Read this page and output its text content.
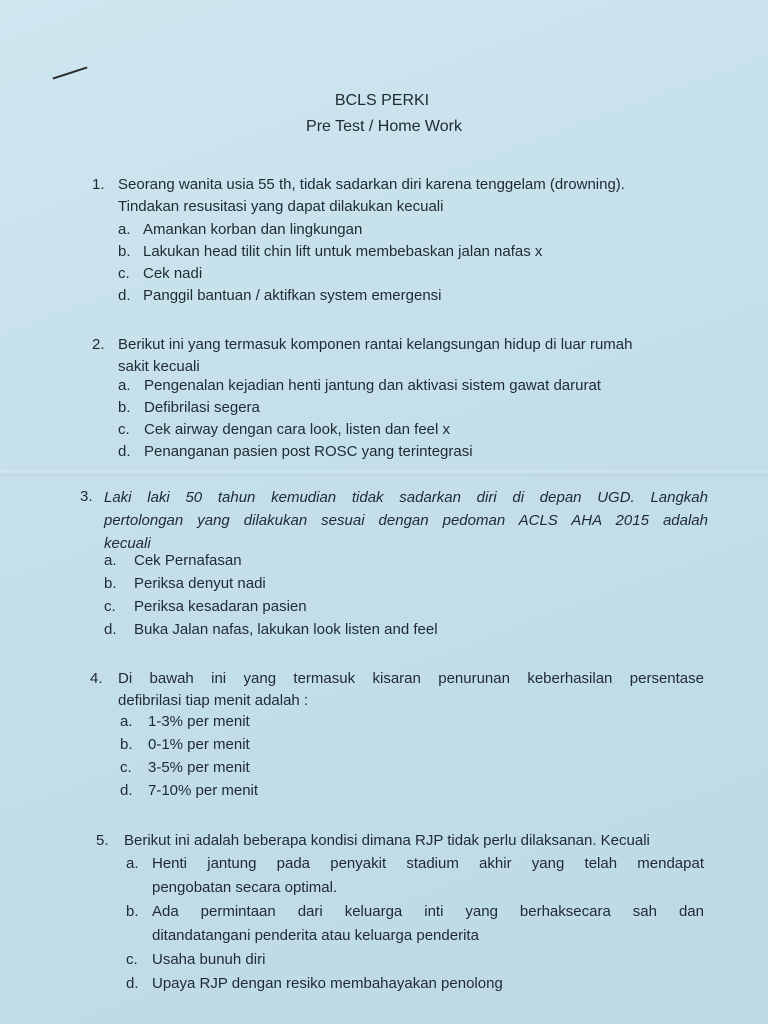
BCLS PERKI
Pre Test / Home Work
1. Seorang wanita usia 55 th, tidak sadarkan diri karena tenggelam (drowning).
Tindakan resusitasi yang dapat dilakukan kecuali
a. Amankan korban dan lingkungan
b. Lakukan head tilit chin lift untuk membebaskan jalan nafas x
c. Cek nadi
d. Panggil bantuan / aktifkan system emergensi
2. Berikut ini yang termasuk komponen rantai kelangsungan hidup di luar rumah
sakit kecuali
a. Pengenalan kejadian henti jantung dan aktivasi sistem gawat darurat
b. Defibrilasi segera
c. Cek airway dengan cara look, listen dan feel x
d. Penanganan pasien post ROSC yang terintegrasi
3. Laki laki 50 tahun kemudian tidak sadarkan diri di depan UGD. Langkah
pertolongan yang dilakukan sesuai dengan pedoman ACLS AHA 2015 adalah
kecuali
a. Cek Pernafasan
b. Periksa denyut nadi
c. Periksa kesadaran pasien
d. Buka Jalan nafas, lakukan look listen and feel
4. Di bawah ini yang termasuk kisaran penurunan keberhasilan persentase
defibrilasi tiap menit adalah :
a. 1-3% per menit
b. 0-1% per menit
c. 3-5% per menit
d. 7-10% per menit
5. Berikut ini adalah beberapa kondisi dimana RJP tidak perlu dilaksanan. Kecuali
a. Henti jantung pada penyakit stadium akhir yang telah mendapat
pengobatan secara optimal.
b. Ada permintaan dari keluarga inti yang berhaksecara sah dan
ditandatangani penderita atau keluarga penderita
c. Usaha bunuh diri
d. Upaya RJP dengan resiko membahayakan penolong
